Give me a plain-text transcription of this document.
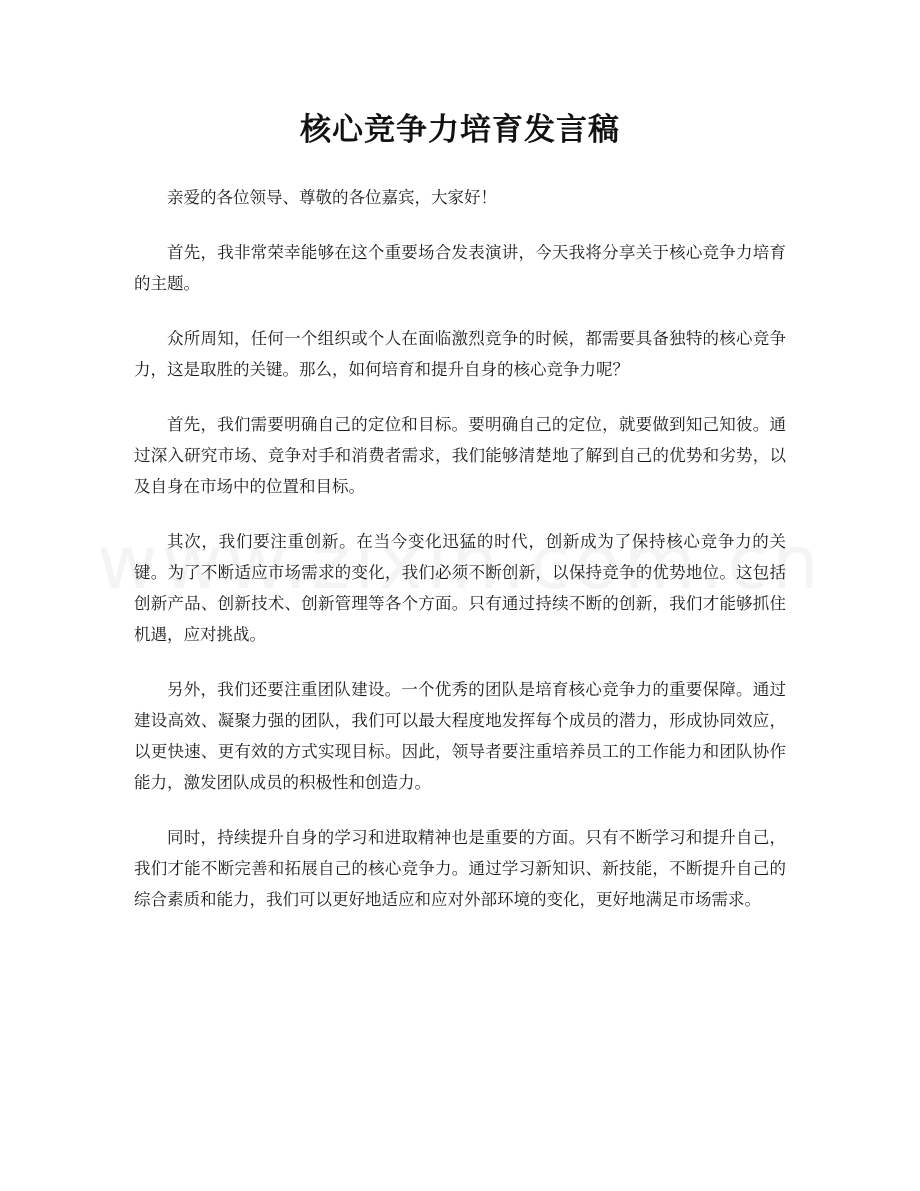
核心竞争力培育发言稿

亲爱的各位领导、尊敬的各位嘉宾，大家好！

首先，我非常荣幸能够在这个重要场合发表演讲，今天我将分享关于核心竞争力培育的主题。

众所周知，任何一个组织或个人在面临激烈竞争的时候，都需要具备独特的核心竞争力，这是取胜的关键。那么，如何培育和提升自身的核心竞争力呢？

首先，我们需要明确自己的定位和目标。要明确自己的定位，就要做到知己知彼。通过深入研究市场、竞争对手和消费者需求，我们能够清楚地了解到自己的优势和劣势，以及自身在市场中的位置和目标。

其次，我们要注重创新。在当今变化迅猛的时代，创新成为了保持核心竞争力的关键。为了不断适应市场需求的变化，我们必须不断创新，以保持竞争的优势地位。这包括创新产品、创新技术、创新管理等各个方面。只有通过持续不断的创新，我们才能够抓住机遇，应对挑战。

另外，我们还要注重团队建设。一个优秀的团队是培育核心竞争力的重要保障。通过建设高效、凝聚力强的团队，我们可以最大程度地发挥每个成员的潜力，形成协同效应，以更快速、更有效的方式实现目标。因此，领导者要注重培养员工的工作能力和团队协作能力，激发团队成员的积极性和创造力。

同时，持续提升自身的学习和进取精神也是重要的方面。只有不断学习和提升自己，我们才能不断完善和拓展自己的核心竞争力。通过学习新知识、新技能，不断提升自己的综合素质和能力，我们可以更好地适应和应对外部环境的变化，更好地满足市场需求。
